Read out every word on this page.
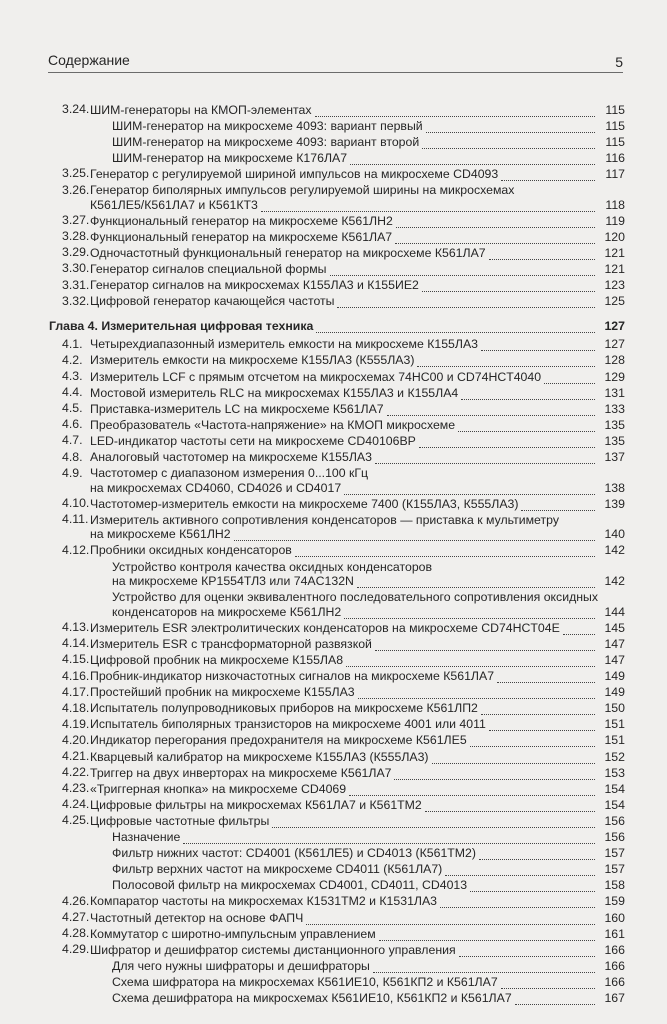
Содержание	5
3.24. ШИМ-генераторы на КМОП-элементах	115
ШИМ-генератор на микросхеме 4093: вариант первый	115
ШИМ-генератор на микросхеме 4093: вариант второй	115
ШИМ-генератор на микросхеме К176ЛА7	116
3.25. Генератор с регулируемой шириной импульсов на микросхеме CD4093	117
3.26. Генератор биполярных импульсов регулируемой ширины на микросхемах
К561ЛЕ5/К561ЛА7 и К561КТ3	118
3.27. Функциональный генератор на микросхеме К561ЛН2	119
3.28. Функциональный генератор на микросхеме К561ЛА7	120
3.29. Одночастотный функциональный генератор на микросхеме К561ЛА7	121
3.30. Генератор сигналов специальной формы	121
3.31. Генератор сигналов на микросхемах К155ЛА3 и К155ИЕ2	123
3.32. Цифровой генератор качающейся частоты	125
Глава 4. Измерительная цифровая техника	127
4.1. Четырехдиапазонный измеритель емкости на микросхеме К155ЛА3	127
4.2. Измеритель емкости на микросхеме К155ЛА3 (К555ЛА3)	128
4.3. Измеритель LCF с прямым отсчетом на микросхемах 74HC00 и CD74HCT4040	129
4.4. Мостовой измеритель RLC на микросхемах К155ЛА3 и К155ЛА4	131
4.5. Приставка-измеритель LC на микросхеме К561ЛА7	133
4.6. Преобразователь «Частота-напряжение» на КМОП микросхеме	135
4.7. LED-индикатор частоты сети на микросхеме CD40106BP	135
4.8. Аналоговый частотомер на микросхеме К155ЛА3	137
4.9. Частотомер с диапазоном измерения 0...100 кГц
на микросхемах CD4060, CD4026 и CD4017	138
4.10. Частотомер-измеритель емкости на микросхеме 7400 (К155ЛА3, К555ЛА3)	139
4.11. Измеритель активного сопротивления конденсаторов — приставка к мультиметру
на микросхеме К561ЛН2	140
4.12. Пробники оксидных конденсаторов	142
Устройство контроля качества оксидных конденсаторов
на микросхеме КР1554ТЛ3 или 74AC132N	142
Устройство для оценки эквивалентного последовательного сопротивления оксидных
конденсаторов на микросхеме К561ЛН2	144
4.13. Измеритель ESR электролитических конденсаторов на микросхеме CD74HCT04E	145
4.14. Измеритель ESR с трансформаторной развязкой	147
4.15. Цифровой пробник на микросхеме К155ЛА8	147
4.16. Пробник-индикатор низкочастотных сигналов на микросхеме К561ЛА7	149
4.17. Простейший пробник на микросхеме К155ЛА3	149
4.18. Испытатель полупроводниковых приборов на микросхеме К561ЛП2	150
4.19. Испытатель биполярных транзисторов на микросхеме 4001 или 4011	151
4.20. Индикатор перегорания предохранителя на микросхеме К561ЛЕ5	151
4.21. Кварцевый калибратор на микросхеме К155ЛА3 (К555ЛА3)	152
4.22. Триггер на двух инверторах на микросхеме К561ЛА7	153
4.23. «Триггерная кнопка» на микросхеме CD4069	154
4.24. Цифровые фильтры на микросхемах К561ЛА7 и К561ТМ2	154
4.25. Цифровые частотные фильтры	156
Назначение	156
Фильтр нижних частот: CD4001 (К561ЛЕ5) и CD4013 (К561ТМ2)	157
Фильтр верхних частот на микросхеме CD4011 (К561ЛА7)	157
Полосовой фильтр на микросхемах CD4001, CD4011, CD4013	158
4.26. Компаратор частоты на микросхемах К1531ТМ2 и К1531ЛА3	159
4.27. Частотный детектор на основе ФАПЧ	160
4.28. Коммутатор с широтно-импульсным управлением	161
4.29. Шифратор и дешифратор системы дистанционного управления	166
Для чего нужны шифраторы и дешифраторы	166
Схема шифратора на микросхемах К561ИЕ10, К561КП2 и К561ЛА7	166
Схема дешифратора на микросхемах К561ИЕ10, К561КП2 и К561ЛА7	167
